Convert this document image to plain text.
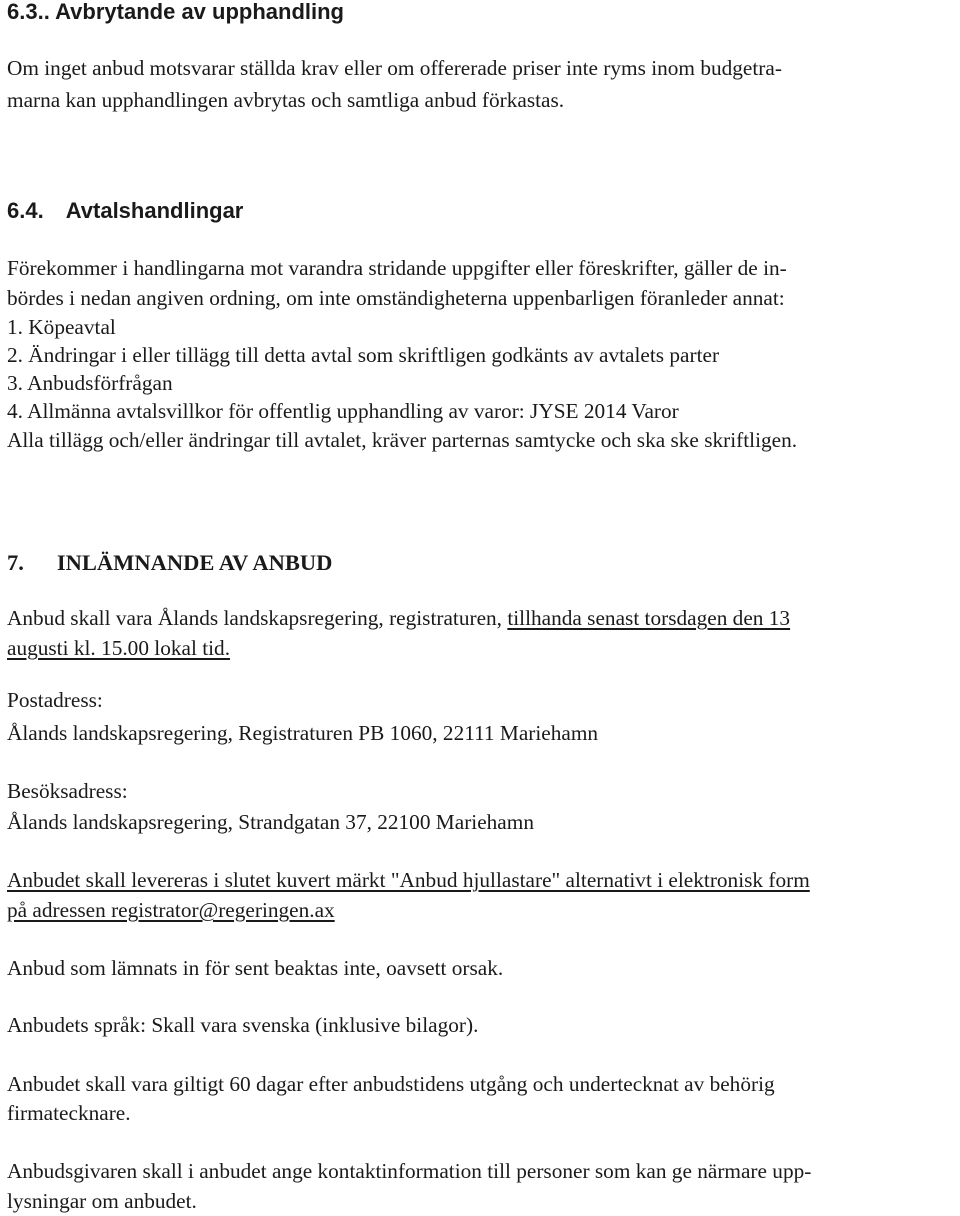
6.3.. Avbrytande av upphandling

Om inget anbud motsvarar ställda krav eller om offererade priser inte ryms inom budgetra-

marna kan upphandlingen avbrytas och samtliga anbud förkastas.

6.4. Avtalshandlingar

Förekommer i handlingarna mot varandra stridande uppgifter eller föreskrifter, gäller de in-

bördes i nedan angiven ordning, om inte omständigheterna uppenbarligen föranleder annat:

1. Köpeavtal

2. Ändringar i eller tillägg till detta avtal som skriftligen godkänts av avtalets parter

3. Anbudsförfrågan

4. Allmänna avtalsvillkor för offentlig upphandling av varor: JYSE 2014 Varor

Alla tillägg och/eller ändringar till avtalet, kräver parternas samtycke och ska ske skriftligen.

7. INLÄMNANDE AV ANBUD

Anbud skall vara Ålands landskapsregering, registraturen, tillhanda senast torsdagen den 13

augusti kl. 15.00 lokal tid.

Postadress:

Ålands landskapsregering, Registraturen PB 1060, 22111 Mariehamn

Besöksadress:

Ålands landskapsregering, Strandgatan 37, 22100 Mariehamn

Anbudet skall levereras i slutet kuvert märkt "Anbud hjullastare" alternativt i elektronisk form

på adressen registrator@regeringen.ax

Anbud som lämnats in för sent beaktas inte, oavsett orsak.

Anbudets språk: Skall vara svenska (inklusive bilagor).

Anbudet skall vara giltigt 60 dagar efter anbudstidens utgång och undertecknat av behörig

firmatecknare.

Anbudsgivaren skall i anbudet ange kontaktinformation till personer som kan ge närmare upp-

lysningar om anbudet.
